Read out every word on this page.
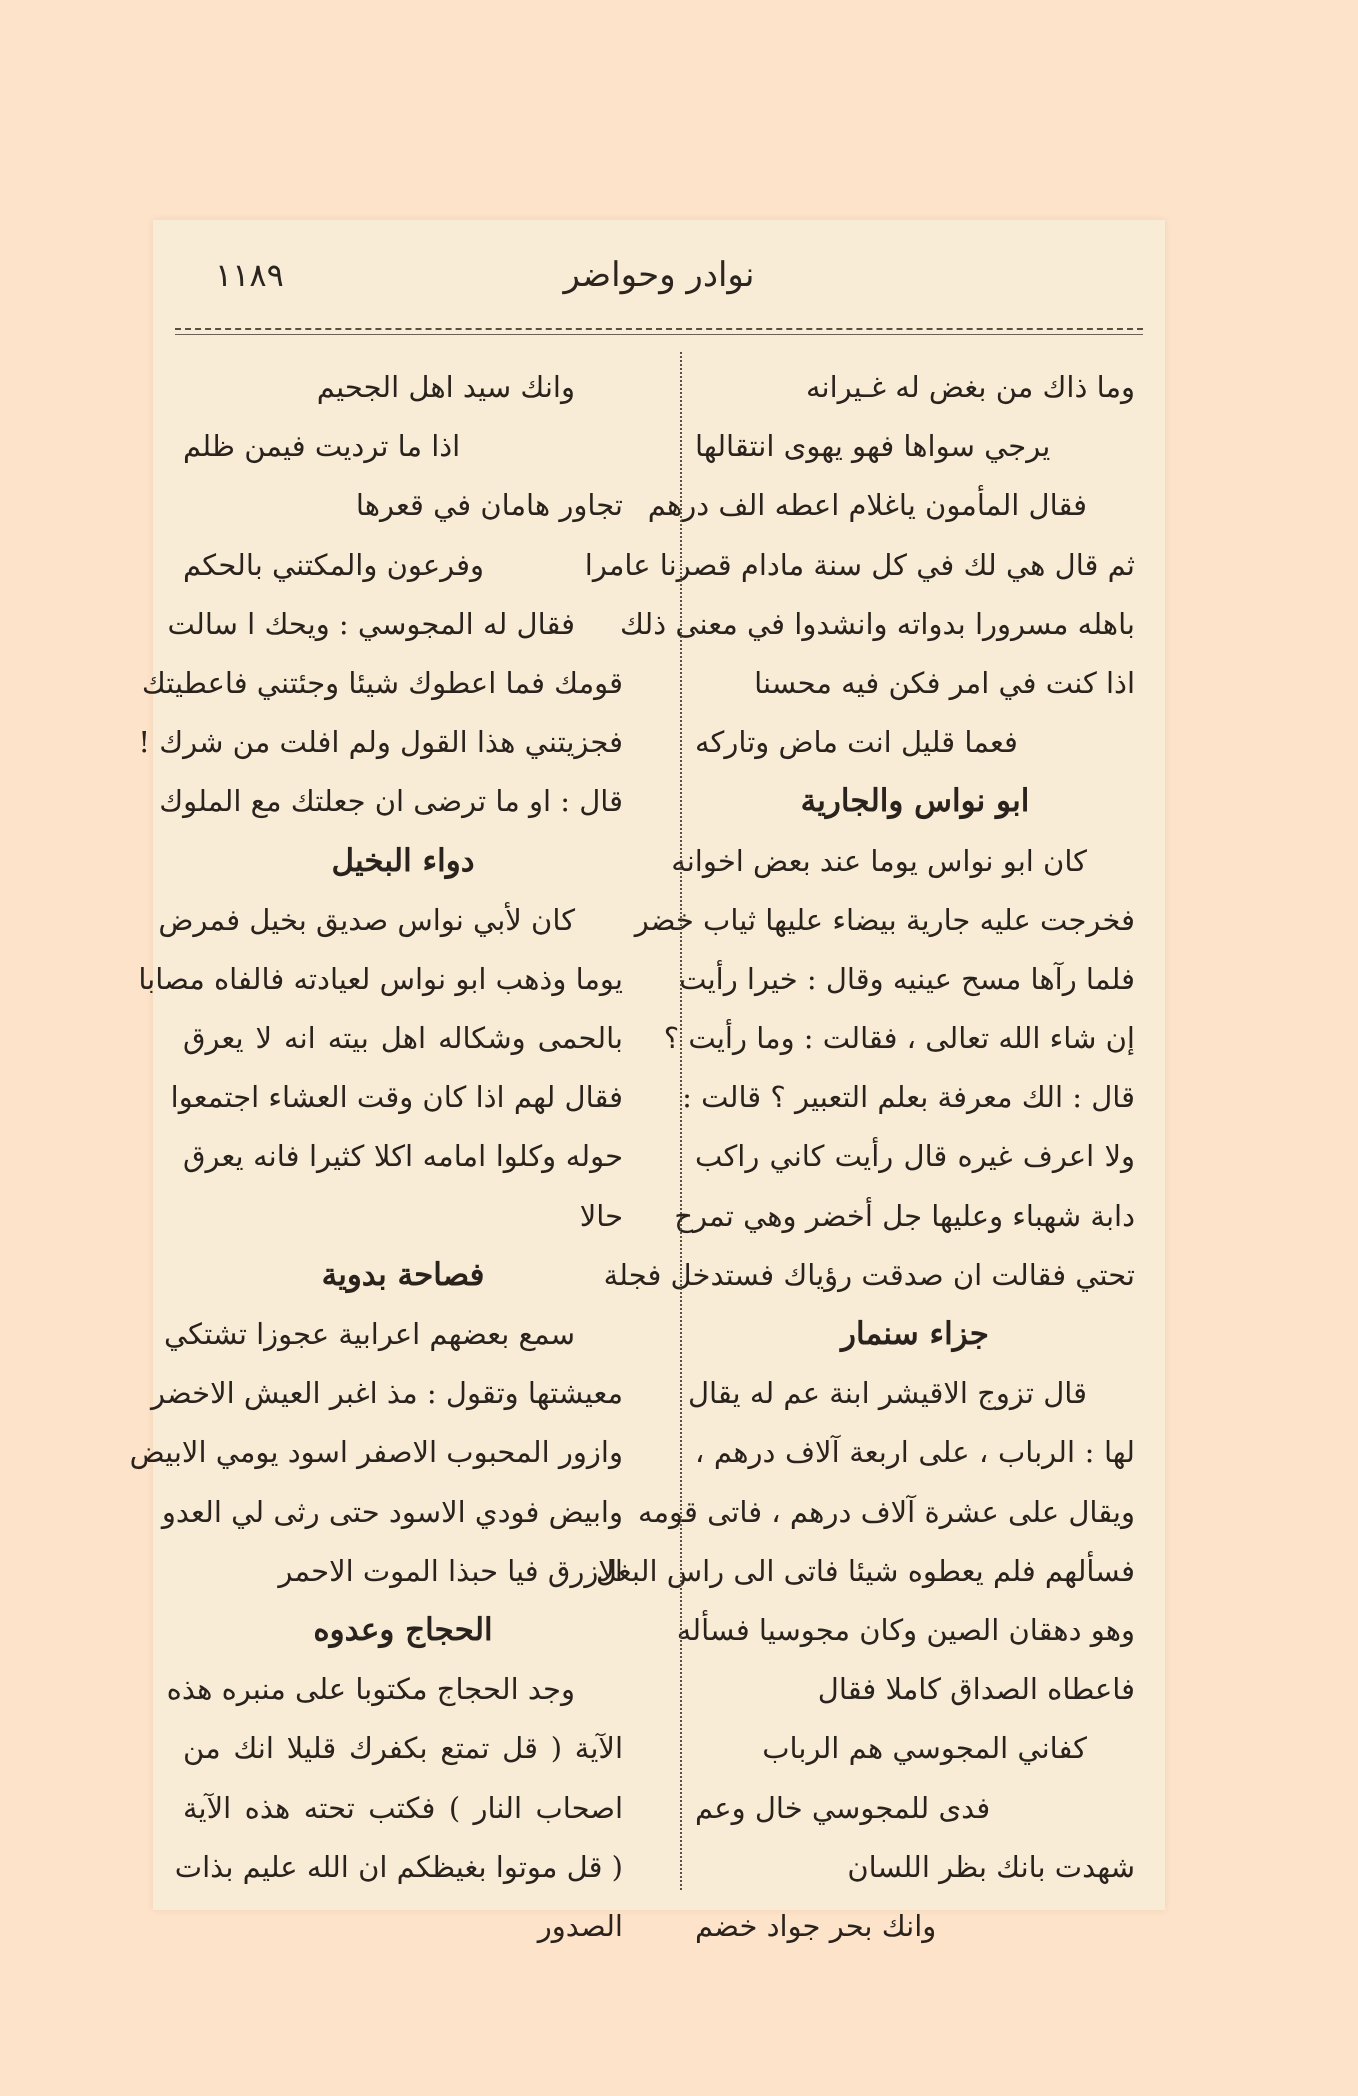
نوادر وحواضر
١١٨٩
وما ذاك من بغض له غـيرانه
يرجي سواها فهو يهوى انتقالها
فقال المأمون ياغلام اعطه الف درهم
ثم قال هي لك في كل سنة مادام قصرنا عامرا
باهله مسرورا بدواته وانشدوا في معنى ذلك
اذا كنت في امر فكن فيه محسنا
فعما قليل انت ماض وتاركه
ابو نواس والجارية
كان ابو نواس يوما عند بعض اخوانه
فخرجت عليه جارية بيضاء عليها ثياب خضر
فلما رآها مسح عينيه وقال : خيرا رأيت
إن شاء الله تعالى ، فقالت : وما رأيت ؟
قال : الك معرفة بعلم التعبير ؟ قالت :
ولا اعرف غيره قال رأيت كاني راكب
دابة شهباء وعليها جل أخضر وهي تمرح
تحتي فقالت ان صدقت رؤياك فستدخل فجلة
جزاء سنمار
قال تزوج الاقيشر ابنة عم له يقال
لها : الرباب ، على اربعة آلاف درهم ،
ويقال على عشرة آلاف درهم ، فاتى قومه
فسألهم فلم يعطوه شيئا فاتى الى راس البغل
وهو دهقان الصين وكان مجوسيا فسأله
فاعطاه الصداق كاملا فقال
كفاني المجوسي هم الرباب
فدى للمجوسي خال وعم
شهدت بانك بظر اللسان
وانك بحر جواد خضم
وانك سيد اهل الجحيم
اذا ما ترديت فيمن ظلم
تجاور هامان في قعرها
وفرعون والمكتني بالحكم
فقال له المجوسي : ويحك ا سالت
قومك فما اعطوك شيئا وجئتني فاعطيتك
فجزيتني هذا القول ولم افلت من شرك !
قال : او ما ترضى ان جعلتك مع الملوك
دواء البخيل
كان لأبي نواس صديق بخيل فمرض
يوما وذهب ابو نواس لعيادته فالفاه مصابا
بالحمى وشكاله اهل بيته انه لا يعرق
فقال لهم اذا كان وقت العشاء اجتمعوا
حوله وكلوا امامه اكلا كثيرا فانه يعرق
حالا
فصاحة بدوية
سمع بعضهم اعرابية عجوزا تشتكي
معيشتها وتقول : مذ اغبر العيش الاخضر
وازور المحبوب الاصفر اسود يومي الابيض
وابيض فودي الاسود حتى رثى لي العدو
الازرق فيا حبذا الموت الاحمر
الحجاج وعدوه
وجد الحجاج مكتوبا على منبره هذه
الآية ( قل تمتع بكفرك قليلا انك من
اصحاب النار ) فكتب تحته هذه الآية
( قل موتوا بغيظكم ان الله عليم بذات
الصدور
